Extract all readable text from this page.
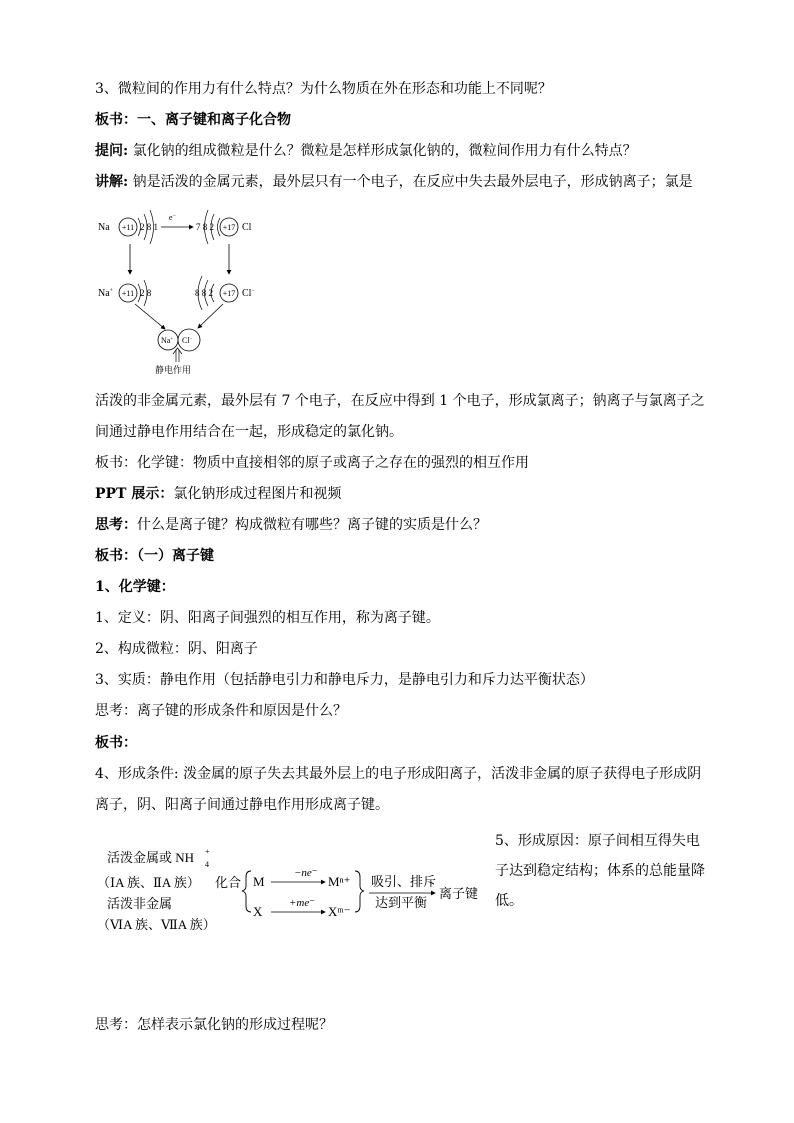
3、微粒间的作用力有什么特点？为什么物质在外在形态和功能上不同呢？
板书：一、离子键和离子化合物
提问: 氯化钠的组成微粒是什么？微粒是怎样形成氯化钠的，微粒间作用力有什么特点？
讲解: 钠是活泼的金属元素，最外层只有一个电子，在反应中失去最外层电子，形成钠离子；氯是
Na +11 2 8 1
e−
7 8 2 +17 Cl
Na+ +11 2 8	8 8 2 +17 Cl−
Na+ Cl−
静电作用
活泼的非金属元素，最外层有 7 个电子，在反应中得到 1 个电子，形成氯离子；钠离子与氯离子之
间通过静电作用结合在一起，形成稳定的氯化钠。
板书：化学键：物质中直接相邻的原子或离子之存在的强烈的相互作用
PPT 展示：氯化钠形成过程图片和视频
思考：什么是离子键？构成微粒有哪些？离子键的实质是什么？
板书：（一）离子键
1、化学键：
1、定义：阴、阳离子间强烈的相互作用，称为离子键。
2、构成微粒：阴、阳离子
3、实质：静电作用（包括静电引力和静电斥力，是静电引力和斥力达平衡状态）
思考：离子键的形成条件和原因是什么？
板书：
4、形成条件: 泼金属的原子失去其最外层上的电子形成阳离子，活泼非金属的原子获得电子形成阴
离子，阴、阳离子间通过静电作用形成离子键。
活泼金属或 NH +
4
（ⅠA 族、ⅡA 族） 化合
活泼非金属
（ⅥA 族、ⅦA 族）
M
−ne⁻
Mⁿ⁺
X
+me⁻
Xᵐ⁻
吸引、排斥
达到平衡
离子键
5、形成原因：原子间相互得失电子达到稳定结构；体系的总能量降低。
思考：怎样表示氯化钠的形成过程呢？
